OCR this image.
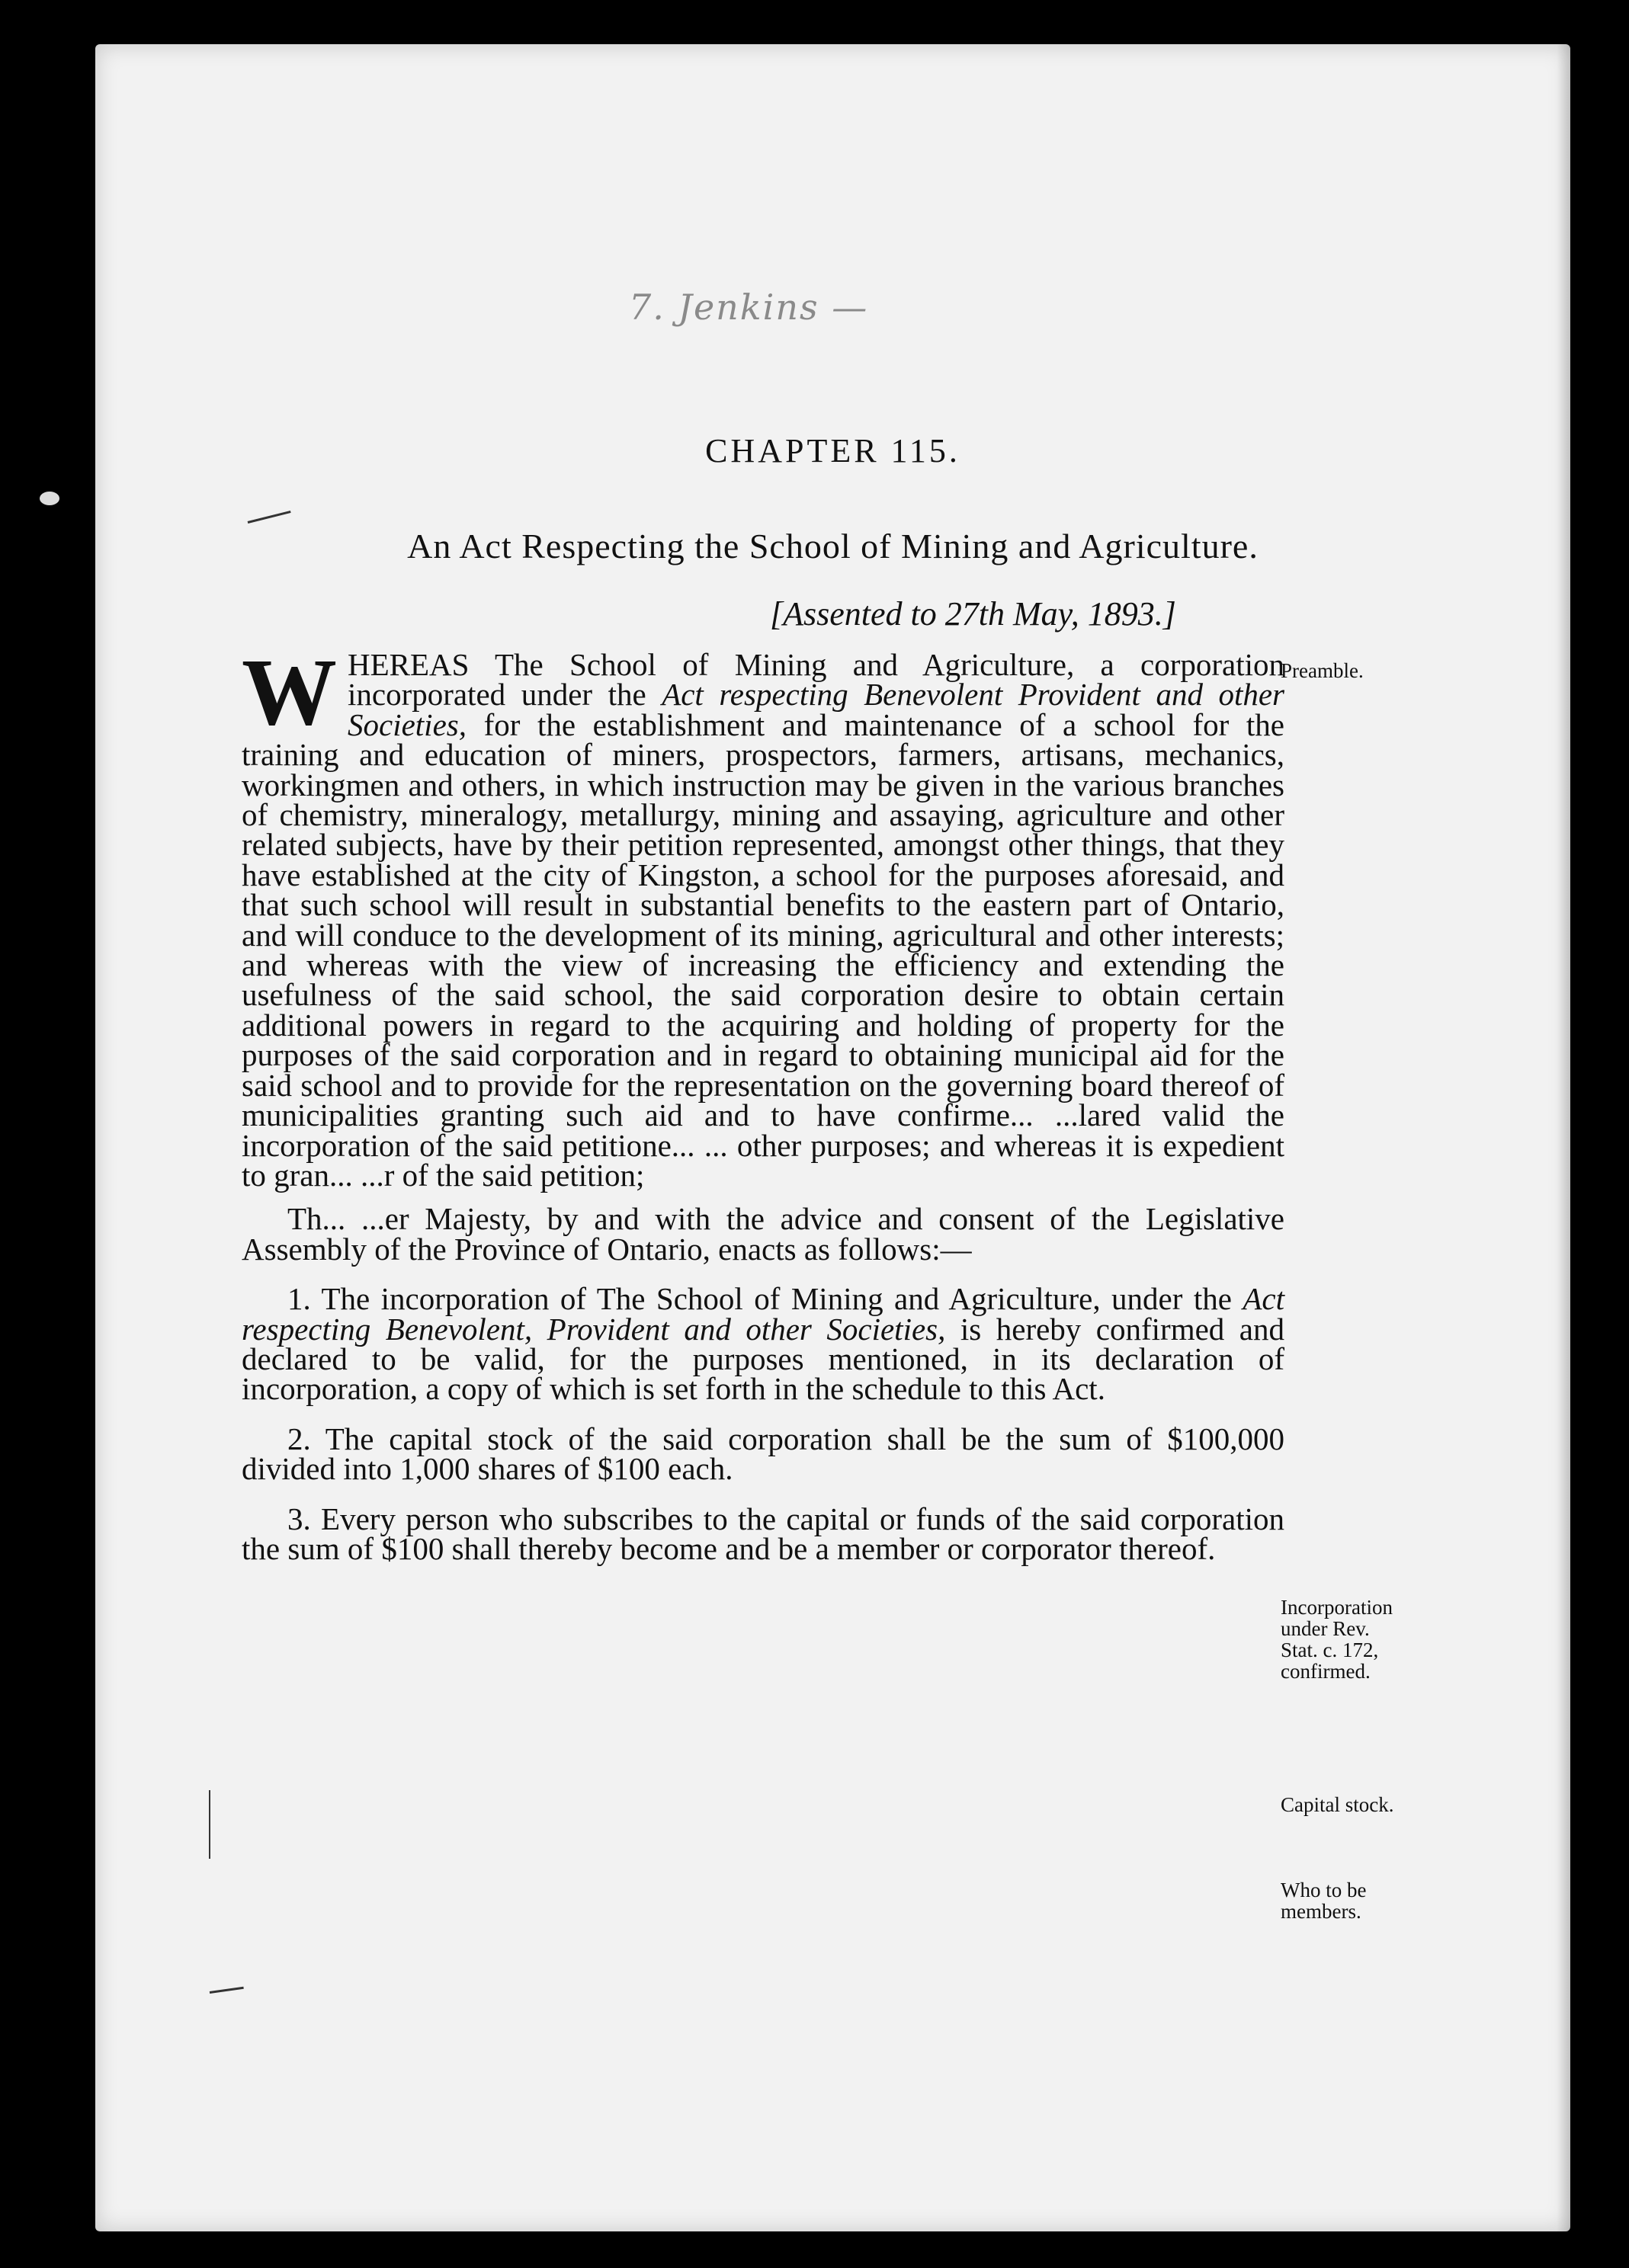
7. Jenkins —
CHAPTER 115.
An Act Respecting the School of Mining and Agriculture.
[Assented to 27th May, 1893.]

WHEREAS The School of Mining and Agriculture, a corporation incorporated under the Act respecting Benevolent Provident and other Societies, for the establishment and maintenance of a school for the training and education of miners, prospectors, farmers, artisans, mechanics, workingmen and others, in which instruction may be given in the various branches of chemistry, mineralogy, metallurgy, mining and assaying, agriculture and other related subjects, have by their petition represented, amongst other things, that they have established at the city of Kingston, a school for the purposes aforesaid, and that such school will result in substantial benefits to the eastern part of Ontario, and will conduce to the development of its mining, agricultural and other interests; and whereas with the view of increasing the efficiency and extending the usefulness of the said school, the said corporation desire to obtain certain additional powers in regard to the acquiring and holding of property for the purposes of the said corporation and in regard to obtaining municipal aid for the said school and to provide for the representation on the governing board thereof of municipalities granting such aid and to have confirme... ...lared valid the incorporation of the said petitione... ... other purposes; and whereas it is expedient to gran... ...r of the said petition;

Th... ...er Majesty, by and with the advice and consent of the Legislative Assembly of the Province of Ontario, enacts as follows:—

1. The incorporation of The School of Mining and Agriculture, under the Act respecting Benevolent, Provident and other Societies, is hereby confirmed and declared to be valid, for the purposes mentioned, in its declaration of incorporation, a copy of which is set forth in the schedule to this Act.

2. The capital stock of the said corporation shall be the sum of $100,000 divided into 1,000 shares of $100 each.

3. Every person who subscribes to the capital or funds of the said corporation the sum of $100 shall thereby become and be a member or corporator thereof.

Preamble.
Incorporation
under Rev.
Stat. c. 172,
confirmed.
Capital stock.
Who to be
members.
